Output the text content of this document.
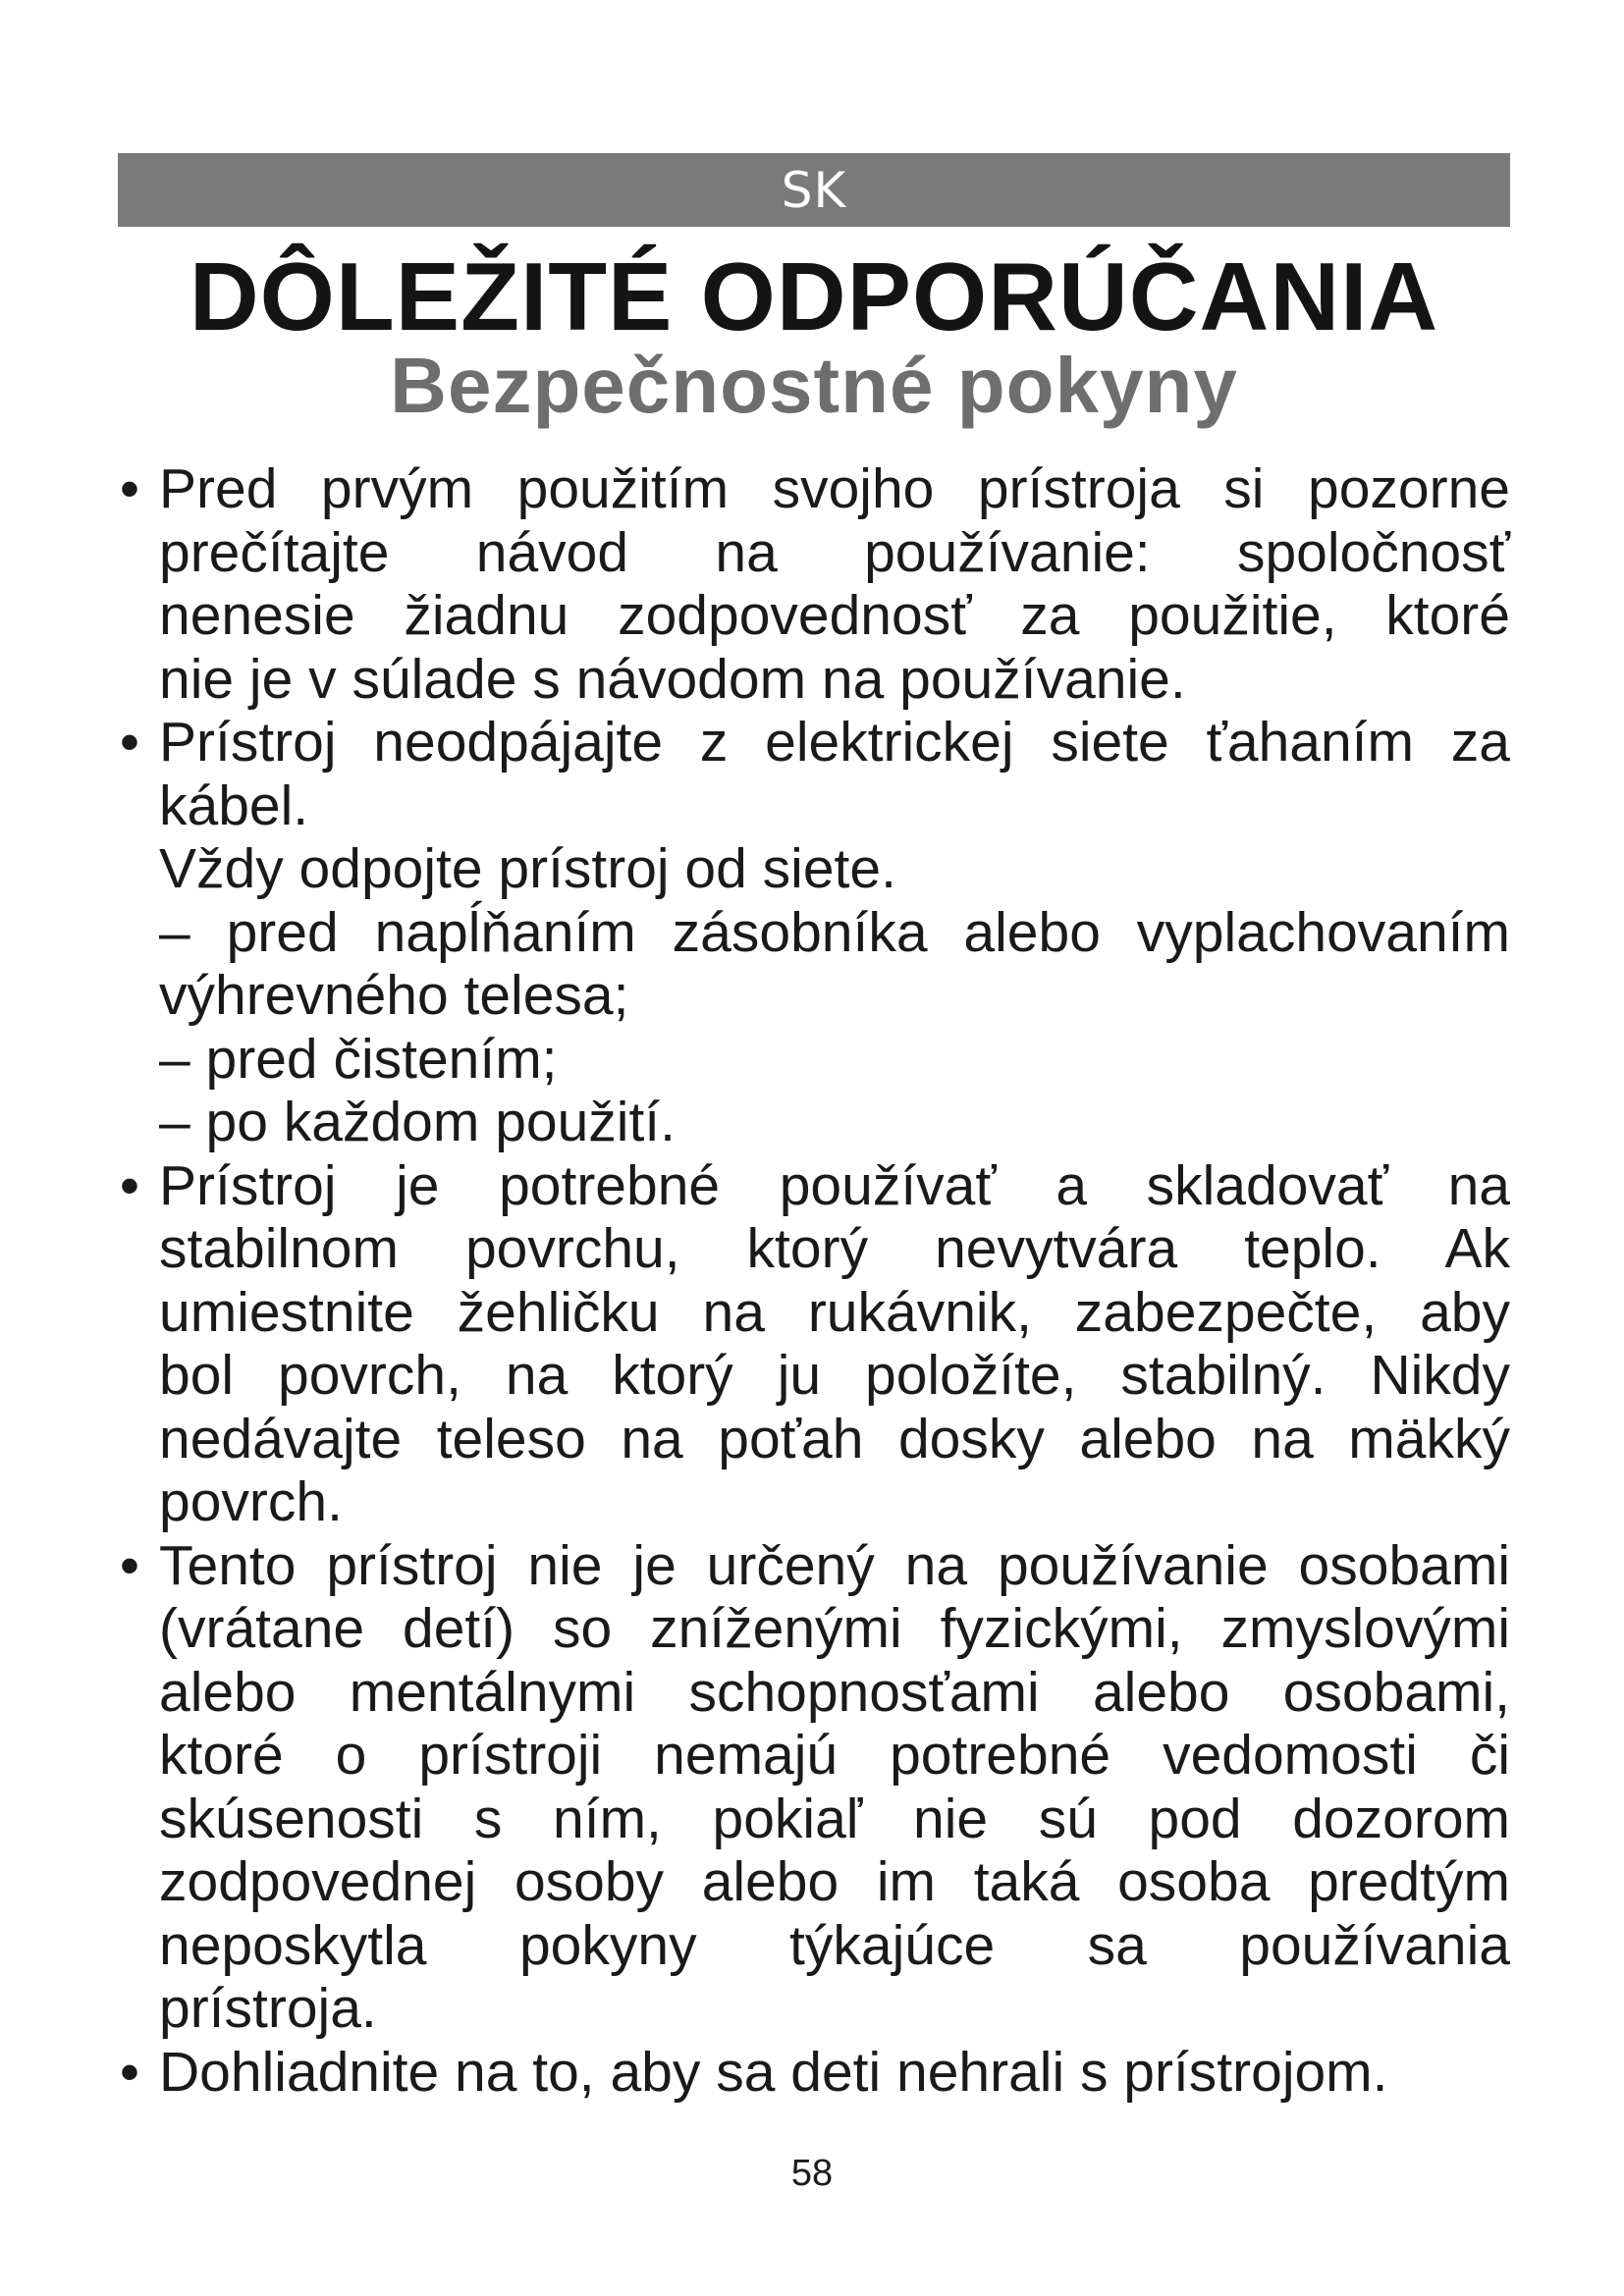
SK
DÔLEŽITÉ ODPORÚČANIA
Bezpečnostné pokyny
• Pred prvým použitím svojho prístroja si pozorne
prečítajte návod na používanie: spoločnosť
nenesie žiadnu zodpovednosť za použitie, ktoré
nie je v súlade s návodom na používanie.
• Prístroj neodpájajte z elektrickej siete ťahaním za
kábel.
Vždy odpojte prístroj od siete.
– pred napĺňaním zásobníka alebo vyplachovaním
výhrevného telesa;
– pred čistením;
– po každom použití.
• Prístroj je potrebné používať a skladovať na
stabilnom povrchu, ktorý nevytvára teplo. Ak
umiestnite žehličku na rukávnik, zabezpečte, aby
bol povrch, na ktorý ju položíte, stabilný. Nikdy
nedávajte teleso na poťah dosky alebo na mäkký
povrch.
• Tento prístroj nie je určený na používanie osobami
(vrátane detí) so zníženými fyzickými, zmyslovými
alebo mentálnymi schopnosťami alebo osobami,
ktoré o prístroji nemajú potrebné vedomosti či
skúsenosti s ním, pokiaľ nie sú pod dozorom
zodpovednej osoby alebo im taká osoba predtým
neposkytla pokyny týkajúce sa používania
prístroja.
• Dohliadnite na to, aby sa deti nehrali s prístrojom.
58
